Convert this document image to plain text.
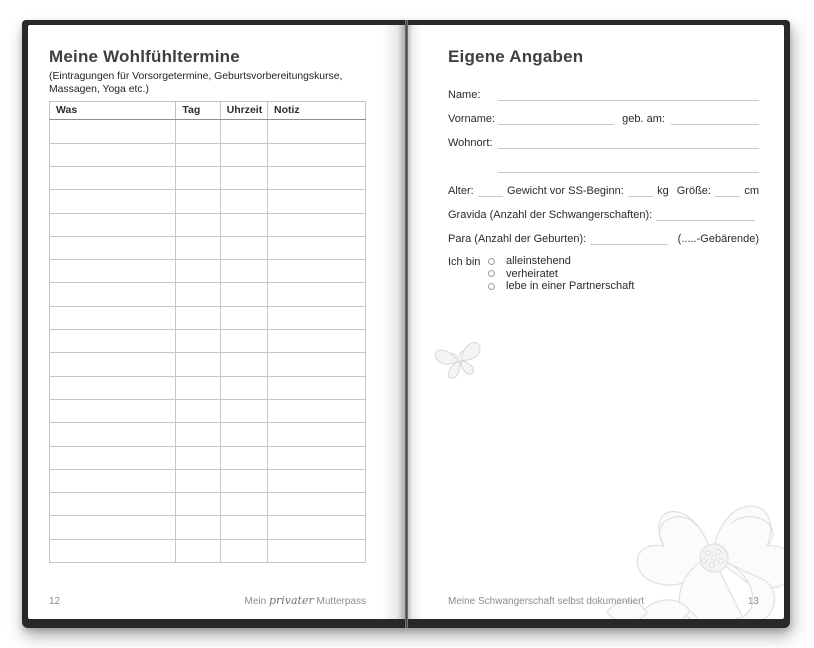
Meine Wohlfühltermine
(Eintragungen für Vorsorgetermine, Geburtsvorbereitungskurse, Massagen, Yoga etc.)
Was	Tag	Uhrzeit	Notiz

12	Mein privater Mutterpass
Eigene Angaben
Name:
Vorname:	geb. am:
Wohnort:
Alter:	Gewicht vor SS-Beginn:	kg Größe:	cm
Gravida (Anzahl der Schwangerschaften):
Para (Anzahl der Geburten):	(.....-Gebärende)
Ich bin	alleinstehend
verheiratet
lebe in einer Partnerschaft
Meine Schwangerschaft selbst dokumentiert	13
